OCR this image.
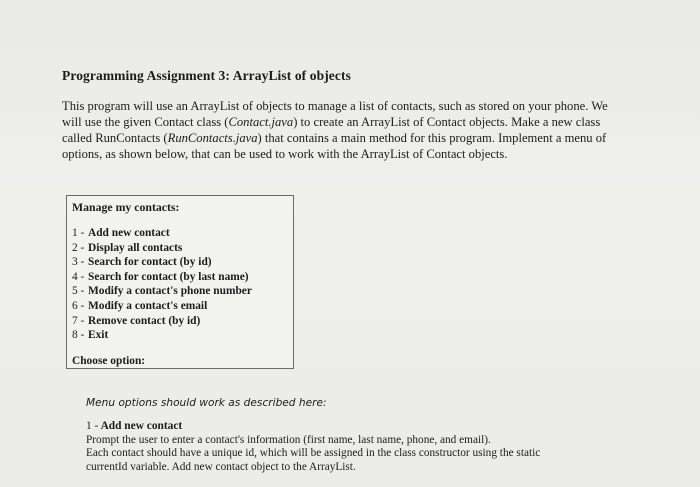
Programming Assignment 3: ArrayList of objects
This program will use an ArrayList of objects to manage a list of contacts, such as stored on your phone. We will use the given Contact class (Contact.java) to create an ArrayList of Contact objects. Make a new class called RunContacts (RunContacts.java) that contains a main method for this program. Implement a menu of options, as shown below, that can be used to work with the ArrayList of Contact objects.
Manage my contacts:
1 - Add new contact
2 - Display all contacts
3 - Search for contact (by id)
4 - Search for contact (by last name)
5 - Modify a contact's phone number
6 - Modify a contact's email
7 - Remove contact (by id)
8 - Exit
Choose option:
Menu options should work as described here:
1 - Add new contact
Prompt the user to enter a contact's information (first name, last name, phone, and email).
Each contact should have a unique id, which will be assigned in the class constructor using the static
currentId variable. Add new contact object to the ArrayList.
